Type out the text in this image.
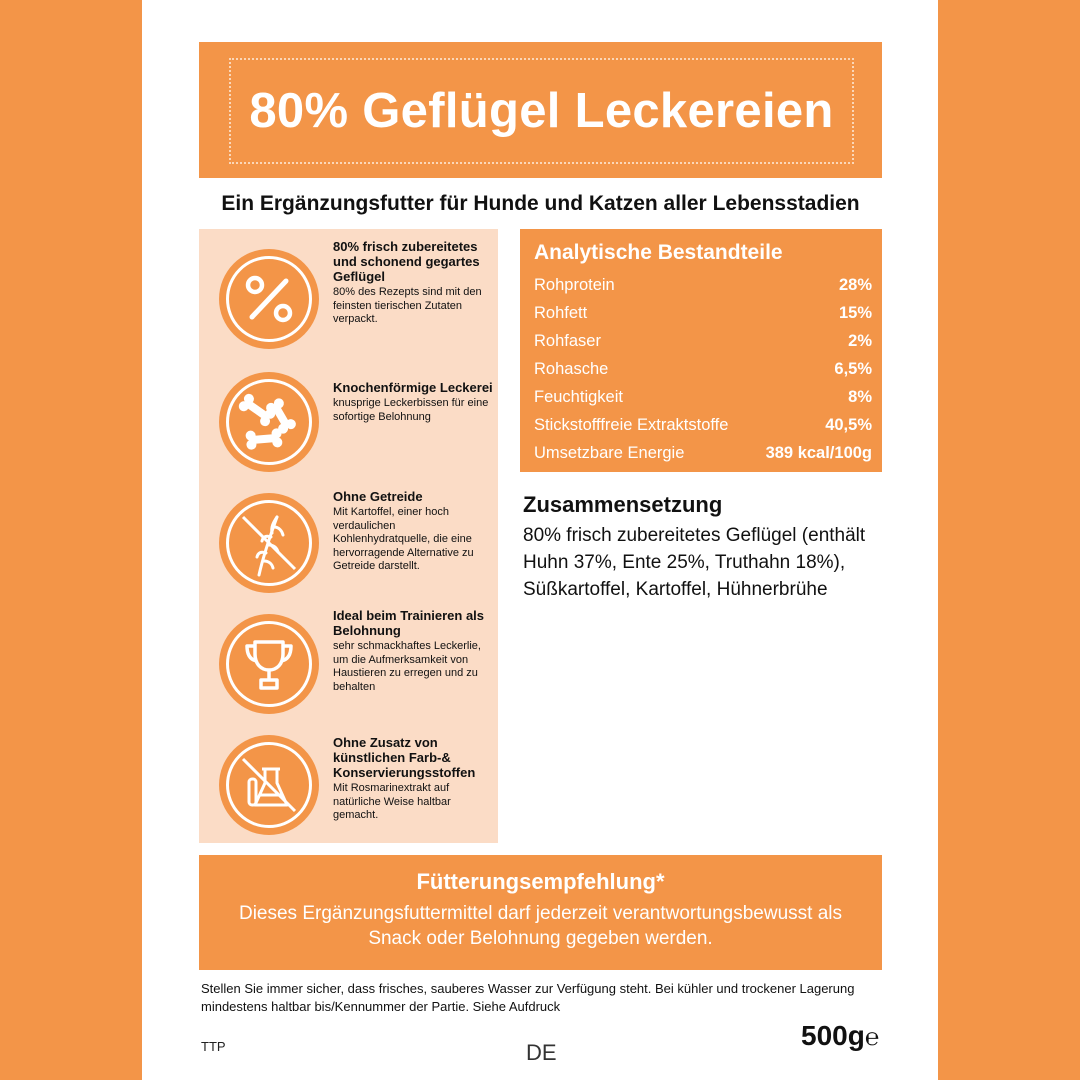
80% Geflügel Leckereien
Ein Ergänzungsfutter für Hunde und Katzen aller Lebensstadien
80% frisch zubereitetes und schonend gegartes Geflügel
80% des Rezepts sind mit den feinsten tierischen Zutaten verpackt.
Knochenförmige Leckerei
knusprige Leckerbissen für eine sofortige Belohnung
Ohne Getreide
Mit Kartoffel, einer hoch verdaulichen Kohlenhydratquelle, die eine hervorragende Alternative zu Getreide darstellt.
Ideal beim Trainieren als Belohnung
sehr schmackhaftes Leckerlie, um die Aufmerksamkeit von Haustieren zu erregen und zu behalten
Ohne Zusatz von künstlichen Farb-& Konservierungsstoffen
Mit Rosmarinextrakt auf natürliche Weise haltbar gemacht.
Analytische Bestandteile
Rohprotein	28%
Rohfett	15%
Rohfaser	2%
Rohasche	6,5%
Feuchtigkeit	8%
Stickstofffreie Extraktstoffe	40,5%
Umsetzbare Energie	389 kcal/100g
Zusammensetzung
80% frisch zubereitetes Geflügel (enthält Huhn 37%, Ente 25%, Truthahn 18%), Süßkartoffel, Kartoffel, Hühnerbrühe
Fütterungsempfehlung*
Dieses Ergänzungsfuttermittel darf jederzeit verantwortungsbewusst als Snack oder Belohnung gegeben werden.
Stellen Sie immer sicher, dass frisches, sauberes Wasser zur Verfügung steht. Bei kühler und trockener Lagerung mindestens haltbar bis/Kennummer der Partie. Siehe Aufdruck
TTP	DE
500g℮
